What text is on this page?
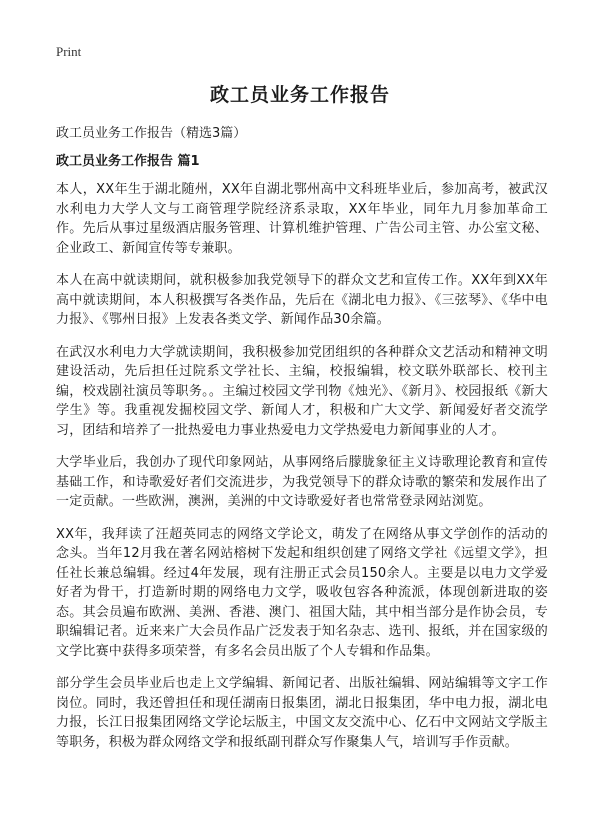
Print
政工员业务工作报告
政工员业务工作报告（精选3篇）
政工员业务工作报告 篇1

本人，XX年生于湖北随州，XX年自湖北鄂州高中文科班毕业后，参加高考，被武汉水利电力大学人文与工商管理学院经济系录取，XX年毕业，同年九月参加革命工作。先后从事过星级酒店服务管理、计算机维护管理、广告公司主管、办公室文秘、企业政工、新闻宣传等专兼职。

本人在高中就读期间，就积极参加我党领导下的群众文艺和宣传工作。XX年到XX年高中就读期间，本人积极撰写各类作品，先后在《湖北电力报》、《三弦琴》、《华中电力报》、《鄂州日报》上发表各类文学、新闻作品30余篇。

在武汉水利电力大学就读期间，我积极参加党团组织的各种群众文艺活动和精神文明建设活动，先后担任过院系文学社长、主编，校报编辑，校文联外联部长、校刊主编，校戏剧社演员等职务。。主编过校园文学刊物《烛光》、《新月》、校园报纸《新大学生》等。我重视发掘校园文学、新闻人才，积极和广大文学、新闻爱好者交流学习，团结和培养了一批热爱电力事业热爱电力文学热爱电力新闻事业的人才。

大学毕业后，我创办了现代印象网站，从事网络后朦胧象征主义诗歌理论教育和宣传基础工作，和诗歌爱好者们交流进步，为我党领导下的群众诗歌的繁荣和发展作出了一定贡献。一些欧洲，澳洲，美洲的中文诗歌爱好者也常常登录网站浏览。

XX年，我拜读了汪超英同志的网络文学论文，萌发了在网络从事文学创作的活动的念头。当年12月我在著名网站榕树下发起和组织创建了网络文学社《远望文学》，担任社长兼总编辑。经过4年发展，现有注册正式会员150余人。主要是以电力文学爱好者为骨干，打造新时期的网络电力文学，吸收包容各种流派，体现创新进取的姿态。其会员遍布欧洲、美洲、香港、澳门、祖国大陆，其中相当部分是作协会员，专职编辑记者。近来来广大会员作品广泛发表于知名杂志、选刊、报纸，并在国家级的文学比赛中获得多项荣誉，有多名会员出版了个人专辑和作品集。

部分学生会员毕业后也走上文学编辑、新闻记者、出版社编辑、网站编辑等文字工作岗位。同时，我还曾担任和现任湖南日报集团，湖北日报集团，华中电力报，湖北电力报，长江日报集团网络文学论坛版主，中国文友交流中心、亿石中文网站文学版主等职务，积极为群众网络文学和报纸副刊群众写作聚集人气，培训写手作贡献。
